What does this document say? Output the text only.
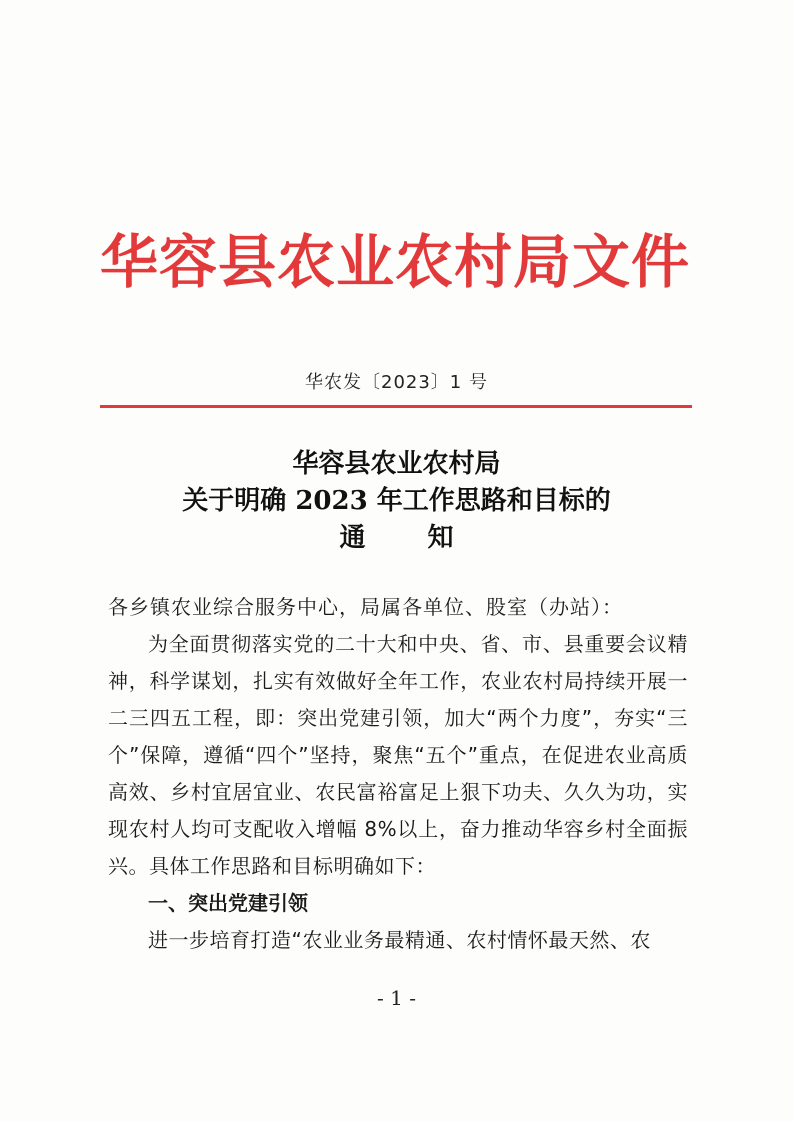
华容县农业农村局文件
华农发〔2023〕1 号
华容县农业农村局
关于明确 2023 年工作思路和目标的
通知

各乡镇农业综合服务中心，局属各单位、股室（办站）：

为全面贯彻落实党的二十大和中央、省、市、县重要会议精神，科学谋划，扎实有效做好全年工作，农业农村局持续开展一二三四五工程，即：突出党建引领，加大“两个力度”，夯实“三个”保障，遵循“四个”坚持，聚焦“五个”重点，在促进农业高质高效、乡村宜居宜业、农民富裕富足上狠下功夫、久久为功，实现农村人均可支配收入增幅 8%以上，奋力推动华容乡村全面振兴。具体工作思路和目标明确如下：

一、突出党建引领

进一步培育打造“农业业务最精通、农村情怀最天然、农

- 1 -
